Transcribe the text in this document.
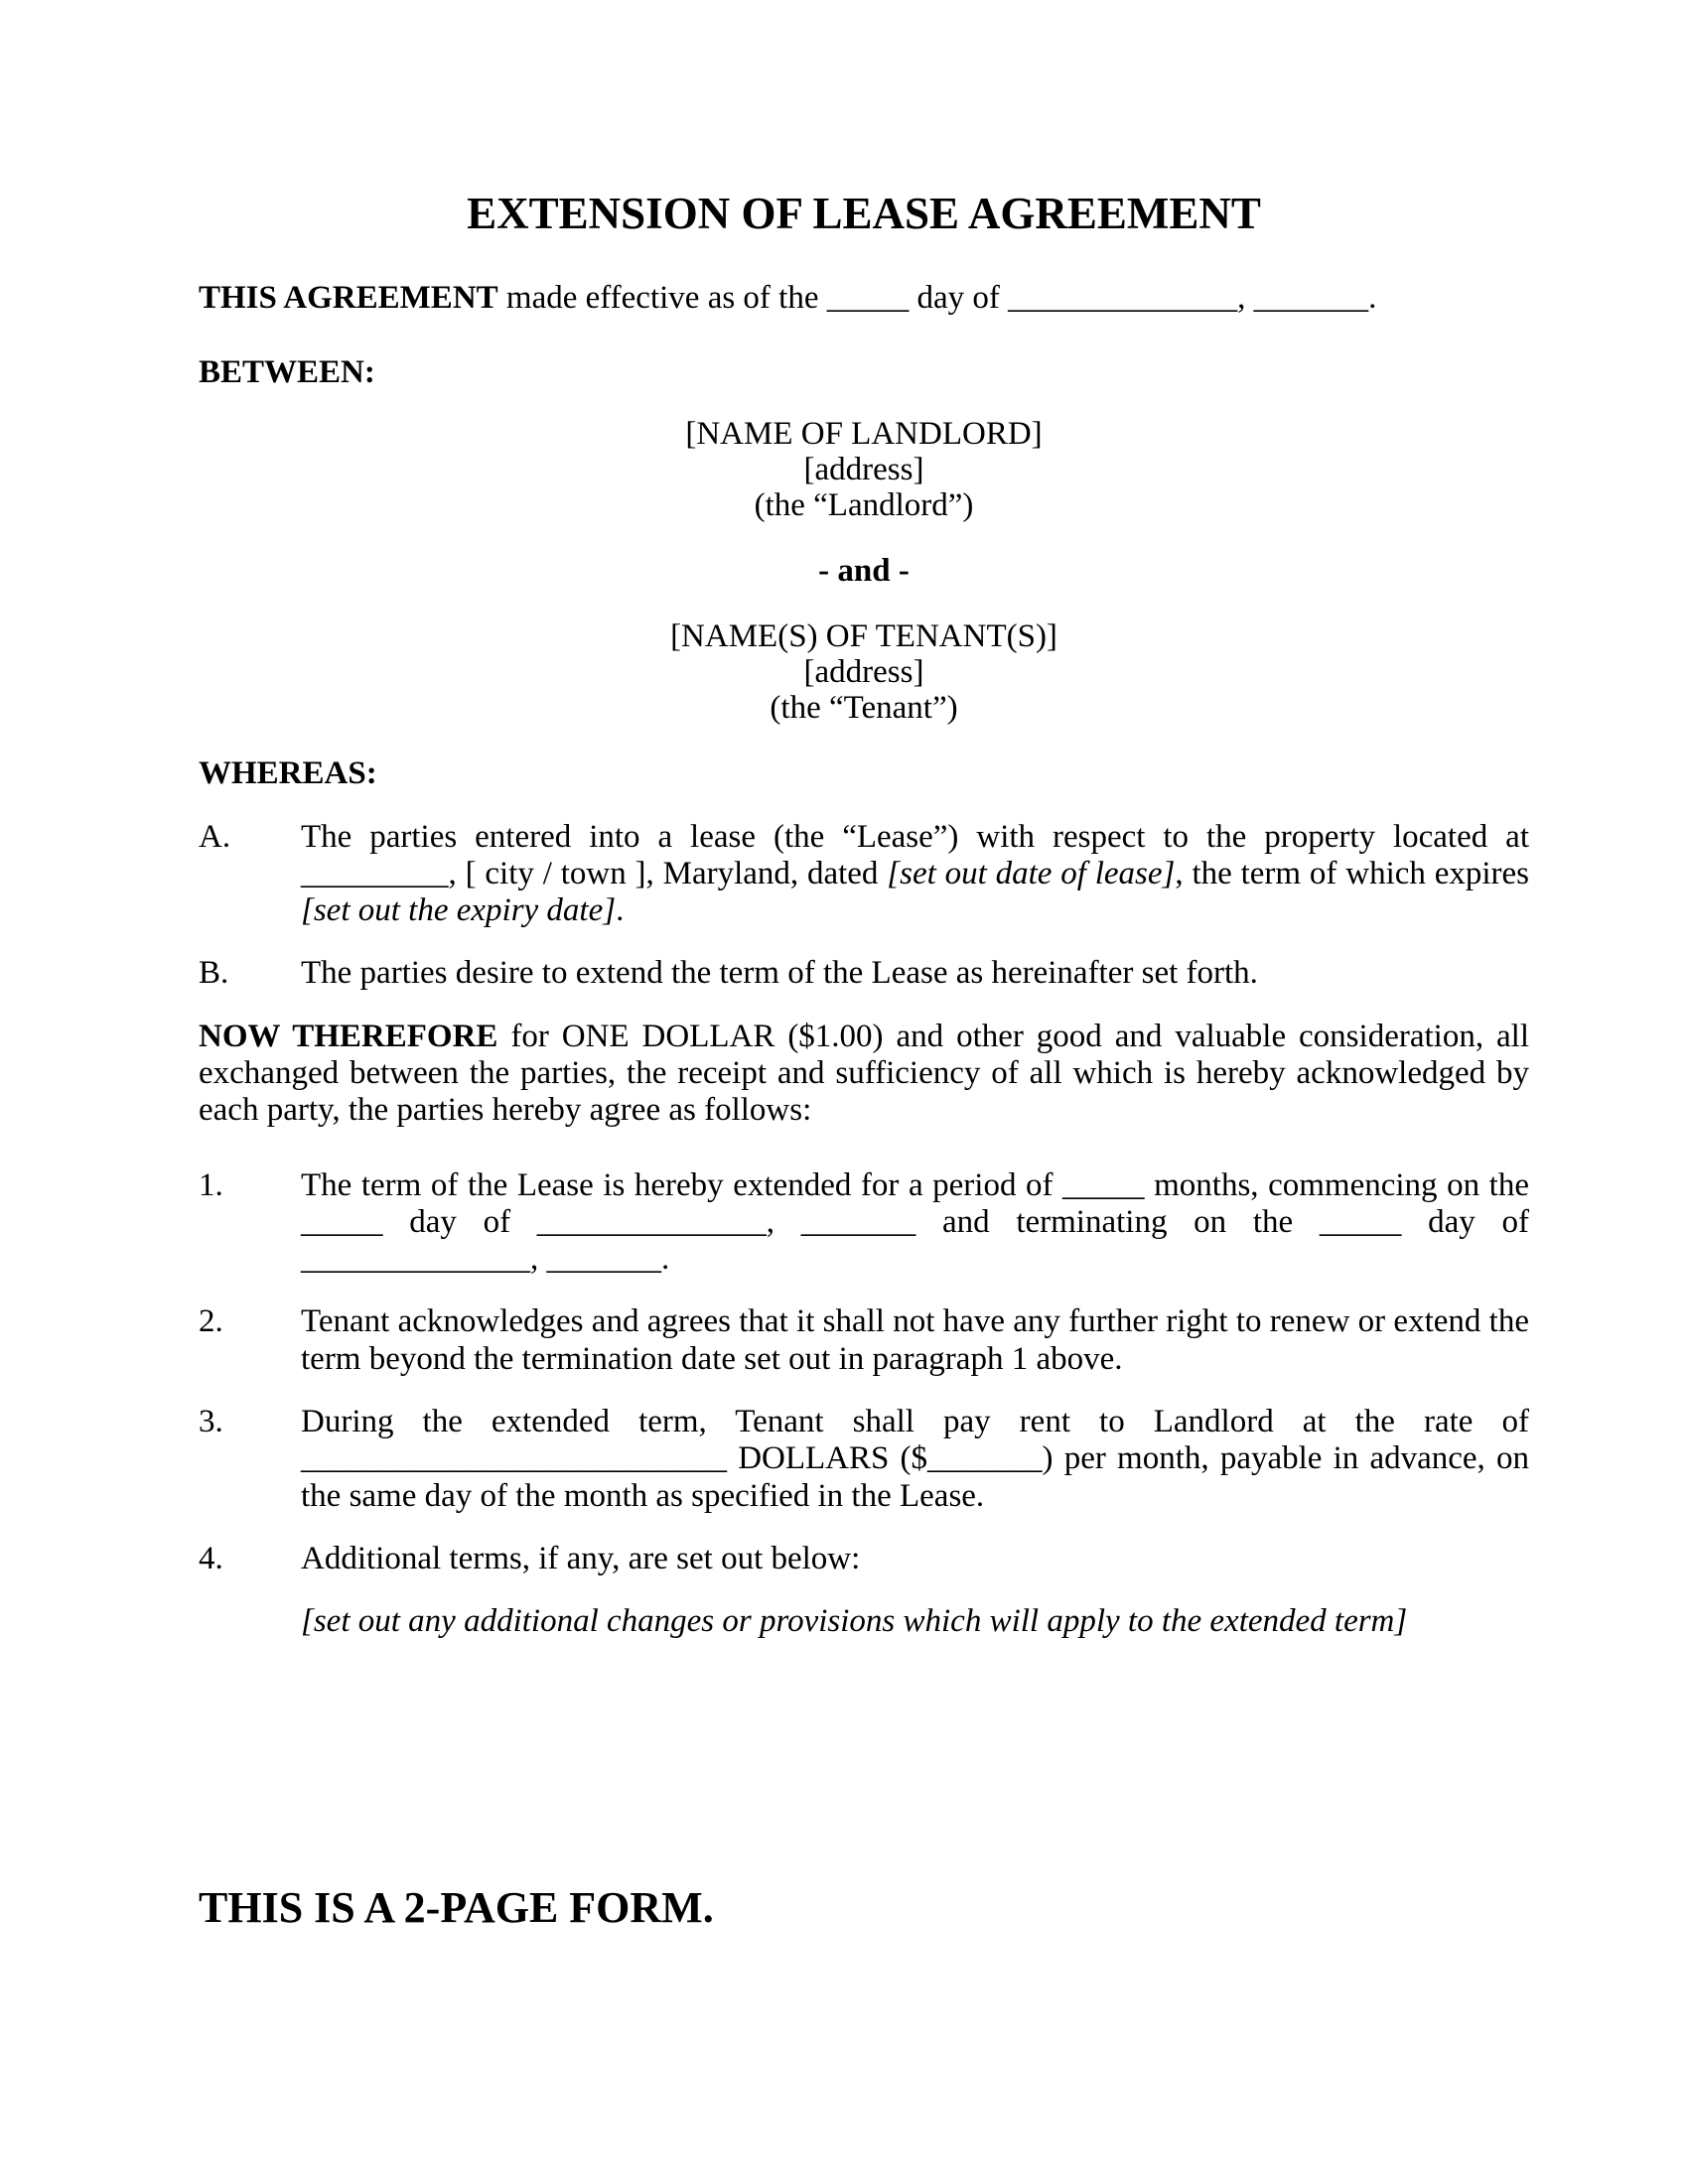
EXTENSION OF LEASE AGREEMENT

THIS AGREEMENT made effective as of the _____ day of ______________, _______.

BETWEEN:

[NAME OF LANDLORD]
[address]
(the “Landlord”)
- and -
[NAME(S) OF TENANT(S)]
[address]
(the “Tenant”)

WHEREAS:

A.	The parties entered into a lease (the “Lease”) with respect to the property located at _________, [ city / town ], Maryland, dated [set out date of lease], the term of which expires [set out the expiry date].
B.	The parties desire to extend the term of the Lease as hereinafter set forth.

NOW THEREFORE for ONE DOLLAR ($1.00) and other good and valuable consideration, all exchanged between the parties, the receipt and sufficiency of all which is hereby acknowledged by each party, the parties hereby agree as follows:

1.	The term of the Lease is hereby extended for a period of _____ months, commencing on the _____ day of ______________, _______ and terminating on the _____ day of ______________, _______.
2.	Tenant acknowledges and agrees that it shall not have any further right to renew or extend the term beyond the termination date set out in paragraph 1 above.
3.	During the extended term, Tenant shall pay rent to Landlord at the rate of __________________________ DOLLARS ($_______) per month, payable in advance, on the same day of the month as specified in the Lease.
4.	Additional terms, if any, are set out below:

[set out any additional changes or provisions which will apply to the extended term]

THIS IS A 2-PAGE FORM.
